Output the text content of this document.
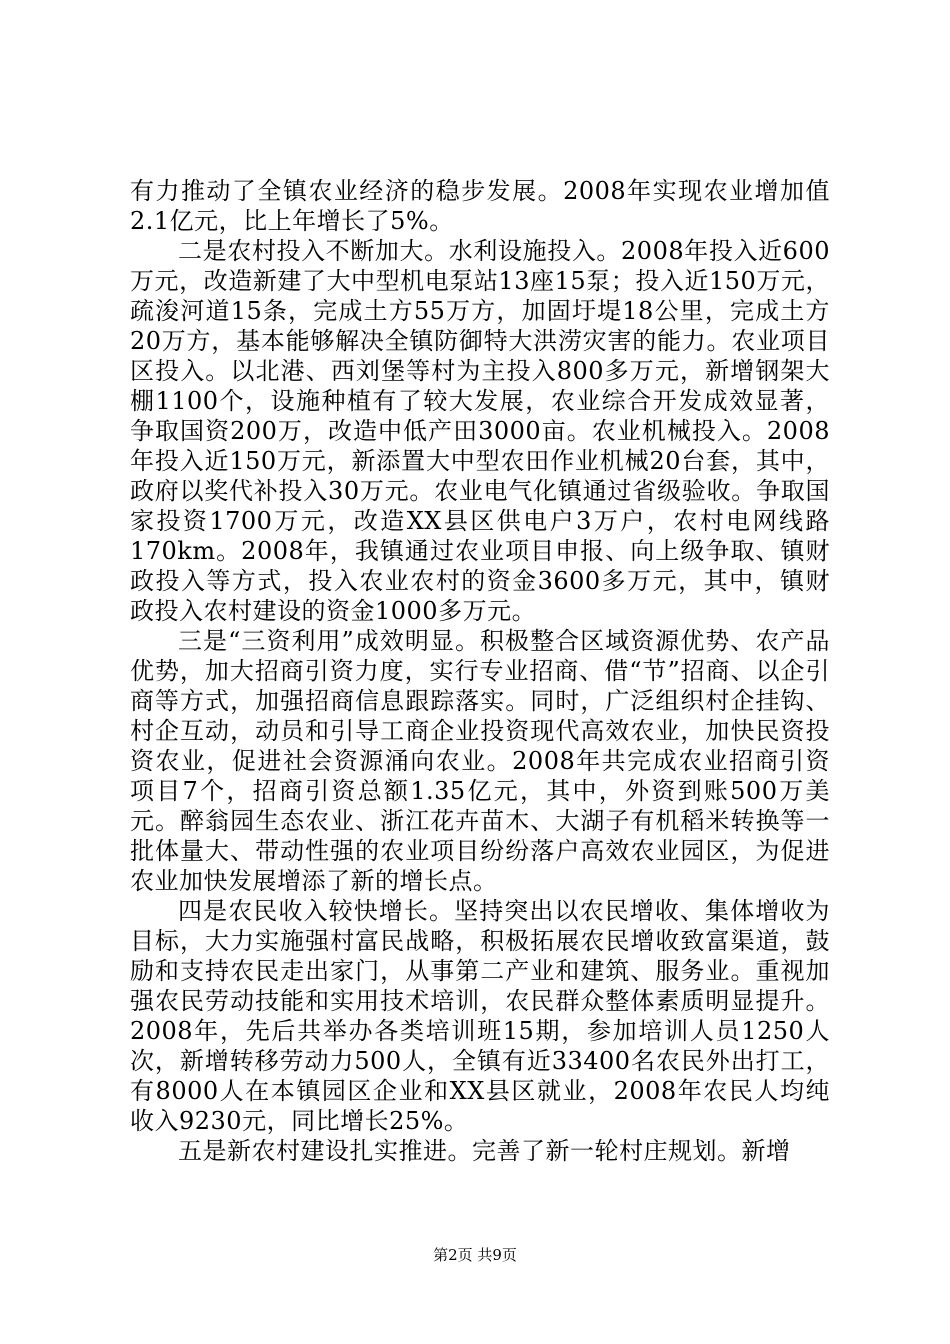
有力推动了全镇农业经济的稳步发展。2008年实现农业增加值2.1亿元，比上年增长了5%。

二是农村投入不断加大。水利设施投入。2008年投入近600万元，改造新建了大中型机电泵站13座15泵；投入近150万元，疏浚河道15条，完成土方55万方，加固圩堤18公里，完成土方20万方，基本能够解决全镇防御特大洪涝灾害的能力。农业项目区投入。以北港、西刘堡等村为主投入800多万元，新增钢架大棚1100个，设施种植有了较大发展，农业综合开发成效显著，争取国资200万，改造中低产田3000亩。农业机械投入。2008年投入近150万元，新添置大中型农田作业机械20台套，其中，政府以奖代补投入30万元。农业电气化镇通过省级验收。争取国家投资1700万元，改造XX县区供电户3万户，农村电网线路170km。2008年，我镇通过农业项目申报、向上级争取、镇财政投入等方式，投入农业农村的资金3600多万元，其中，镇财政投入农村建设的资金1000多万元。

三是“三资利用”成效明显。积极整合区域资源优势、农产品优势，加大招商引资力度，实行专业招商、借“节”招商、以企引商等方式，加强招商信息跟踪落实。同时，广泛组织村企挂钩、村企互动，动员和引导工商企业投资现代高效农业，加快民资投资农业，促进社会资源涌向农业。2008年共完成农业招商引资项目7个，招商引资总额1.35亿元，其中，外资到账500万美元。醉翁园生态农业、浙江花卉苗木、大湖子有机稻米转换等一批体量大、带动性强的农业项目纷纷落户高效农业园区，为促进农业加快发展增添了新的增长点。

四是农民收入较快增长。坚持突出以农民增收、集体增收为目标，大力实施强村富民战略，积极拓展农民增收致富渠道，鼓励和支持农民走出家门，从事第二产业和建筑、服务业。重视加强农民劳动技能和实用技术培训，农民群众整体素质明显提升。2008年，先后共举办各类培训班15期，参加培训人员1250人次，新增转移劳动力500人，全镇有近33400名农民外出打工，有8000人在本镇园区企业和XX县区就业，2008年农民人均纯收入9230元，同比增长25%。

五是新农村建设扎实推进。完善了新一轮村庄规划。新增

第2页 共9页
